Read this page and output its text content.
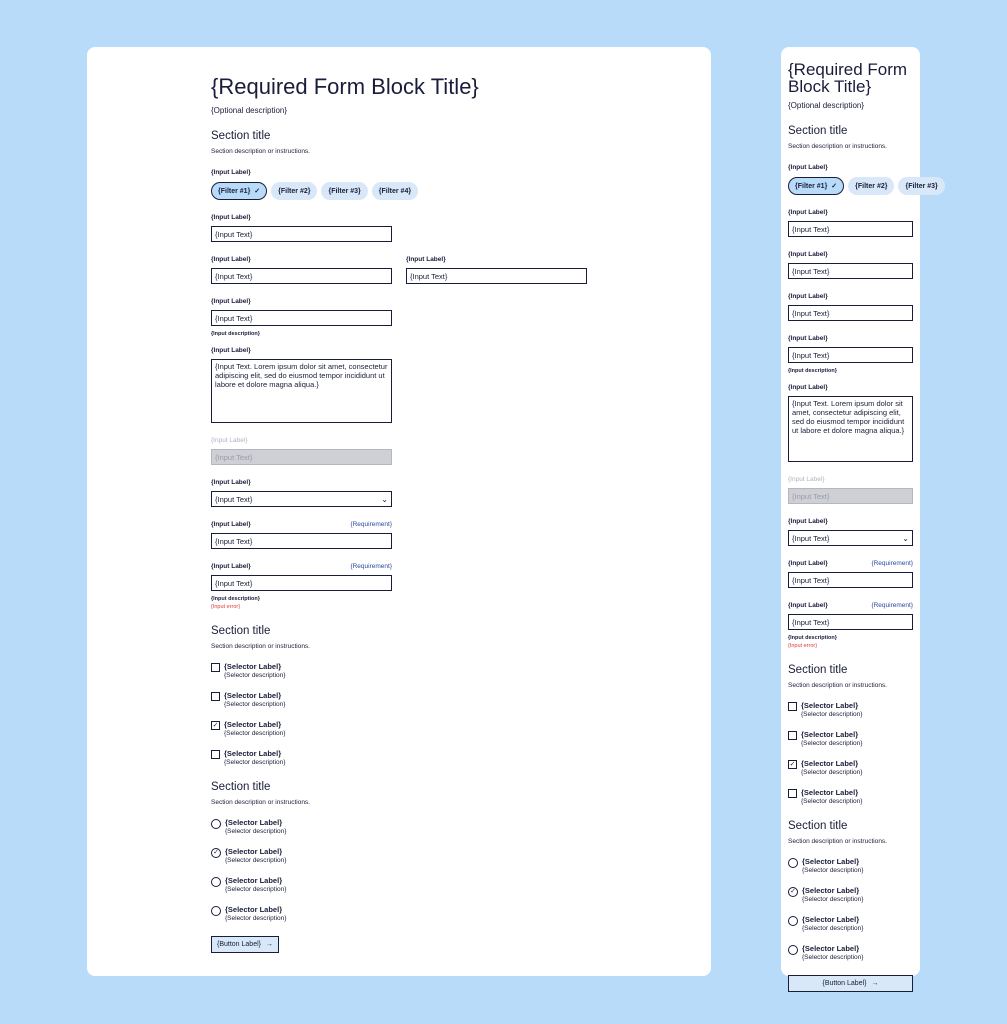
{Required Form Block Title}
{Optional description}
Section title
Section description or instructions.
{Input Label}
{Filter #1} ✓	{Filter #2}	{Filter #3}	{Filter #4}
{Input Label}
{Input Text}
{Input Label}
{Input Text}
{Input Label}
{Input Text}
{Input Label}
{Input Text}
{Input description}
{Input Label}
{Input Text. Lorem ipsum dolor sit amet, consectetur adipiscing elit, sed do eiusmod tempor incididunt ut labore et dolore magna aliqua.}
{Input Label}
{Input Text}
{Input Label}
{Input Text}	⌄
{Input Label}	{Requirement}
{Input Text}
{Input Label}	{Requirement}
{Input Text}
{Input description}
{Input error}
Section title
Section description or instructions.
{Selector Label}
{Selector description}
{Selector Label}
{Selector description}
✓ {Selector Label}
{Selector description}
{Selector Label}
{Selector description}
Section title
Section description or instructions.
{Selector Label}
{Selector description}
✓ {Selector Label}
{Selector description}
{Selector Label}
{Selector description}
{Selector Label}
{Selector description}
{Button Label} →
{Required Form Block Title}
{Optional description}
Section title
Section description or instructions.
{Input Label}
{Filter #1} ✓	{Filter #2}	{Filter #3}
{Input Label}
{Input Text}
{Input Label}
{Input Text}
{Input Label}
{Input Text}
{Input Label}
{Input Text}
{Input description}
{Input Label}
{Input Text. Lorem ipsum dolor sit amet, consectetur adipiscing elit, sed do eiusmod tempor incididunt ut labore et dolore magna aliqua.}
{Input Label}
{Input Text}
{Input Label}
{Input Text}	⌄
{Input Label}	{Requirement}
{Input Text}
{Input Label}	{Requirement}
{Input Text}
{Input description}
{Input error}
Section title
Section description or instructions.
{Selector Label}
{Selector description}
{Selector Label}
{Selector description}
✓ {Selector Label}
{Selector description}
{Selector Label}
{Selector description}
Section title
Section description or instructions.
{Selector Label}
{Selector description}
✓ {Selector Label}
{Selector description}
{Selector Label}
{Selector description}
{Selector Label}
{Selector description}
{Button Label} →
